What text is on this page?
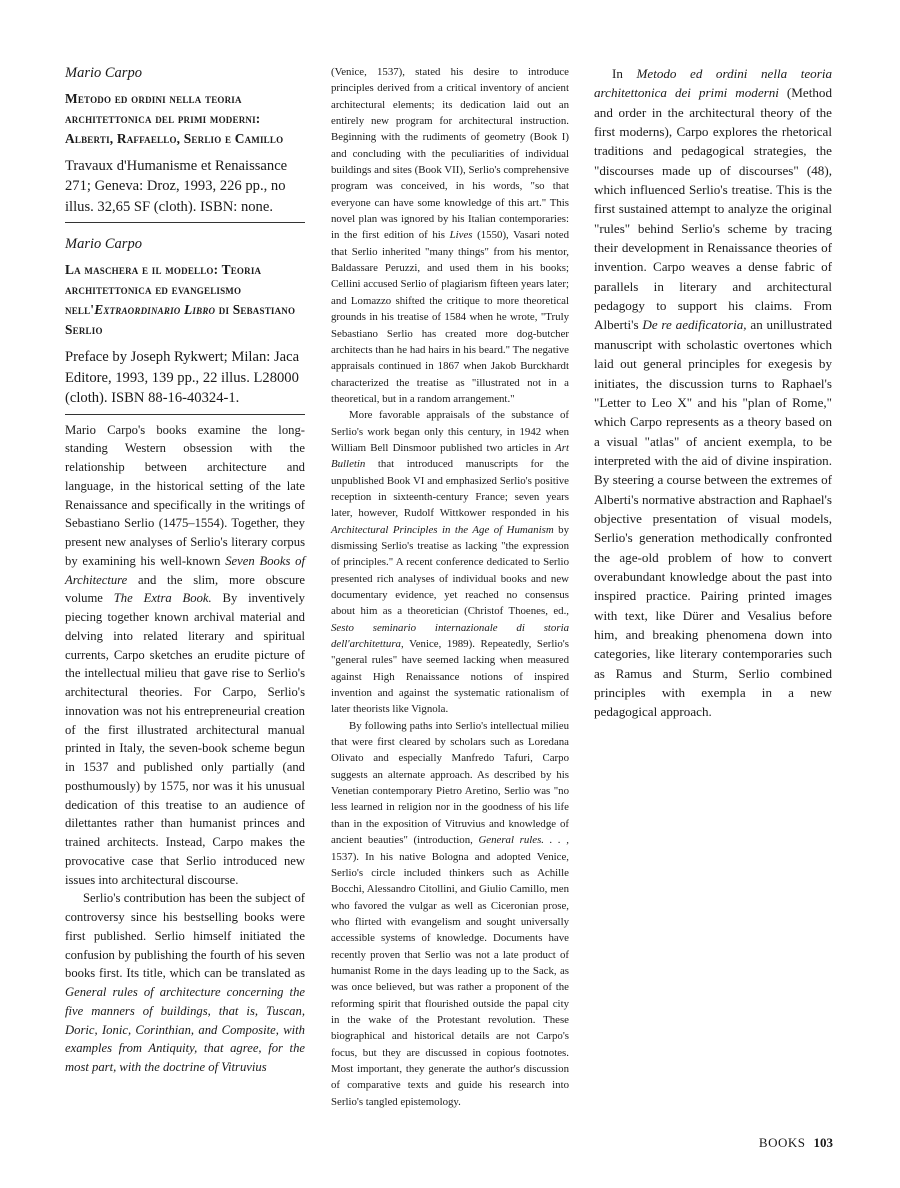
Mario Carpo
Metodo ed ordini nella teoria architettonica del primi moderni: Alberti, Raffaello, Serlio e Camillo
Travaux d'Humanisme et Renaissance 271; Geneva: Droz, 1993, 226 pp., no illus. 32,65 SF (cloth). ISBN: none.
Mario Carpo
La maschera e il modello: Teoria architettonica ed evangelismo nell'Extraordinario Libro di Sebastiano Serlio
Preface by Joseph Rykwert; Milan: Jaca Editore, 1993, 139 pp., 22 illus. L28000 (cloth). ISBN 88-16-40324-1.

Mario Carpo's books examine the long-standing Western obsession with the relationship between architecture and language, in the historical setting of the late Renaissance and specifically in the writings of Sebastiano Serlio (1475–1554). Together, they present new analyses of Serlio's literary corpus by examining his well-known Seven Books of Architecture and the slim, more obscure volume The Extra Book. By inventively piecing together known archival material and delving into related literary and spiritual currents, Carpo sketches an erudite picture of the intellectual milieu that gave rise to Serlio's architectural theories. For Carpo, Serlio's innovation was not his entrepreneurial creation of the first illustrated architectural manual printed in Italy, the seven-book scheme begun in 1537 and published only partially (and posthumously) by 1575, nor was it his unusual dedication of this treatise to an audience of dilettantes rather than humanist princes and trained architects. Instead, Carpo makes the provocative case that Serlio introduced new issues into architectural discourse.

Serlio's contribution has been the subject of controversy since his bestselling books were first published. Serlio himself initiated the confusion by publishing the fourth of his seven books first. Its title, which can be translated as General rules of architecture concerning the five manners of buildings, that is, Tuscan, Doric, Ionic, Corinthian, and Composite, with examples from Antiquity, that agree, for the most part, with the doctrine of Vitruvius

(Venice, 1537), stated his desire to introduce principles derived from a critical inventory of ancient architectural elements; its dedication laid out an entirely new program for architectural instruction. Beginning with the rudiments of geometry (Book I) and concluding with the peculiarities of individual buildings and sites (Book VII), Serlio's comprehensive program was conceived, in his words, "so that everyone can have some knowledge of this art." This novel plan was ignored by his Italian contemporaries: in the first edition of his Lives (1550), Vasari noted that Serlio inherited "many things" from his mentor, Baldassare Peruzzi, and used them in his books; Cellini accused Serlio of plagiarism fifteen years later; and Lomazzo shifted the critique to more theoretical grounds in his treatise of 1584 when he wrote, "Truly Sebastiano Serlio has created more dog-butcher architects than he had hairs in his beard." The negative appraisals continued in 1867 when Jakob Burckhardt characterized the treatise as "illustrated not in a theoretical, but in a random arrangement."

More favorable appraisals of the substance of Serlio's work began only this century, in 1942 when William Bell Dinsmoor published two articles in Art Bulletin that introduced manuscripts for the unpublished Book VI and emphasized Serlio's positive reception in sixteenth-century France; seven years later, however, Rudolf Wittkower responded in his Architectural Principles in the Age of Humanism by dismissing Serlio's treatise as lacking "the expression of principles." A recent conference dedicated to Serlio presented rich analyses of individual books and new documentary evidence, yet reached no consensus about him as a theoretician (Christof Thoenes, ed., Sesto seminario internazionale di storia dell'architettura, Venice, 1989). Repeatedly, Serlio's "general rules" have seemed lacking when measured against High Renaissance notions of inspired invention and against the systematic rationalism of later theorists like Vignola.

By following paths into Serlio's intellectual milieu that were first cleared by scholars such as Loredana Olivato and especially Manfredo Tafuri, Carpo suggests an alternate approach. As described by his Venetian contemporary Pietro Aretino, Serlio was "no less learned in religion nor in the goodness of his life than in the exposition of Vitruvius and knowledge of ancient beauties" (introduction, General rules. . . , 1537). In his native Bologna and adopted Venice, Serlio's circle included thinkers such as Achille Bocchi, Alessandro Citollini, and Giulio Camillo, men who favored the vulgar as well as Ciceronian prose, who flirted with evangelism and sought universally accessible systems of knowledge. Documents have recently proven that Serlio was not a late product of humanist Rome in the days leading up to the Sack, as was once believed, but was rather a proponent of the reforming spirit that flourished outside the papal city in the wake of the Protestant revolution. These biographical and historical details are not Carpo's focus, but they are discussed in copious footnotes. Most important, they generate the author's discussion of comparative texts and guide his research into Serlio's tangled epistemology.

In Metodo ed ordini nella teoria architettonica dei primi moderni (Method and order in the architectural theory of the first moderns), Carpo explores the rhetorical traditions and pedagogical strategies, the "discourses made up of discourses" (48), which influenced Serlio's treatise. This is the first sustained attempt to analyze the original "rules" behind Serlio's scheme by tracing their development in Renaissance theories of invention. Carpo weaves a dense fabric of parallels in literary and architectural pedagogy to support his claims. From Alberti's De re aedificatoria, an unillustrated manuscript with scholastic overtones which laid out general principles for exegesis by initiates, the discussion turns to Raphael's "Letter to Leo X" and his "plan of Rome," which Carpo represents as a theory based on a visual "atlas" of ancient exempla, to be interpreted with the aid of divine inspiration. By steering a course between the extremes of Alberti's normative abstraction and Raphael's objective presentation of visual models, Serlio's generation methodically confronted the age-old problem of how to convert overabundant knowledge about the past into inspired practice. Pairing printed images with text, like Dürer and Vesalius before him, and breaking phenomena down into categories, like literary contemporaries such as Ramus and Sturm, Serlio combined principles with exempla in a new pedagogical approach.

BOOKS 103
